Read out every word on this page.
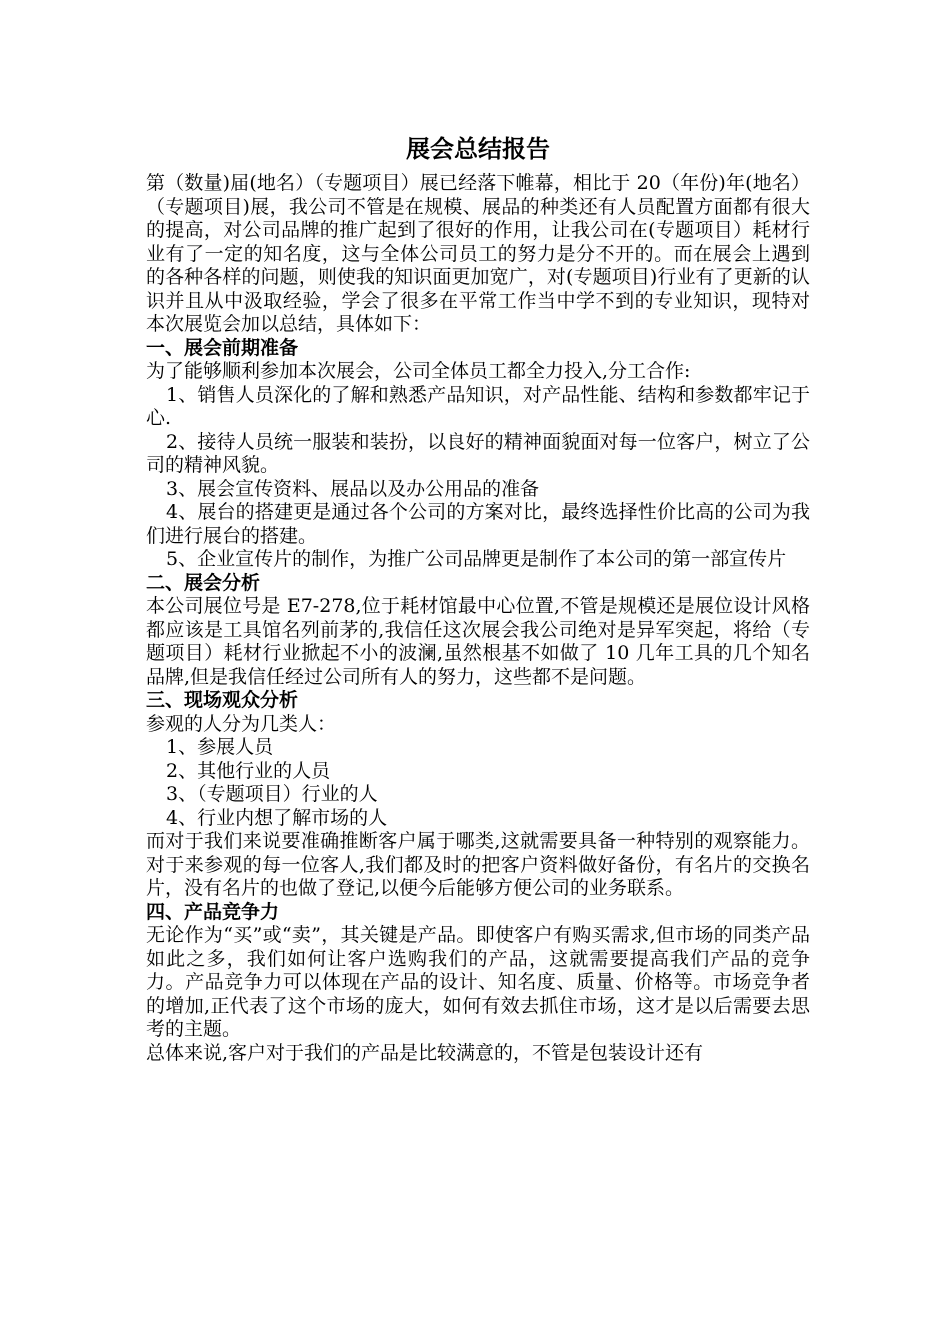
展会总结报告

第（数量)届(地名）（专题项目）展已经落下帷幕，相比于 20（年份)年(地名）（专题项目)展，我公司不管是在规模、展品的种类还有人员配置方面都有很大的提高，对公司品牌的推广起到了很好的作用，让我公司在(专题项目）耗材行业有了一定的知名度，这与全体公司员工的努力是分不开的。而在展会上遇到的各种各样的问题，则使我的知识面更加宽广，对(专题项目)行业有了更新的认识并且从中汲取经验，学会了很多在平常工作当中学不到的专业知识，现特对本次展览会加以总结，具体如下：

一、展会前期准备

为了能够顺利参加本次展会，公司全体员工都全力投入,分工合作:

1、销售人员深化的了解和熟悉产品知识，对产品性能、结构和参数都牢记于心.

2、接待人员统一服装和装扮，以良好的精神面貌面对每一位客户，树立了公司的精神风貌。

3、展会宣传资料、展品以及办公用品的准备

4、展台的搭建更是通过各个公司的方案对比，最终选择性价比高的公司为我们进行展台的搭建。

5、企业宣传片的制作，为推广公司品牌更是制作了本公司的第一部宣传片

二、展会分析

本公司展位号是 E7-278,位于耗材馆最中心位置,不管是规模还是展位设计风格都应该是工具馆名列前茅的,我信任这次展会我公司绝对是异军突起，将给（专题项目）耗材行业掀起不小的波澜,虽然根基不如做了 10 几年工具的几个知名品牌,但是我信任经过公司所有人的努力，这些都不是问题。

三、现场观众分析

参观的人分为几类人：

1、参展人员

2、其他行业的人员

3、（专题项目）行业的人

4、行业内想了解市场的人

而对于我们来说要准确推断客户属于哪类,这就需要具备一种特别的观察能力。对于来参观的每一位客人,我们都及时的把客户资料做好备份，有名片的交换名片，没有名片的也做了登记,以便今后能够方便公司的业务联系。

四、产品竞争力

无论作为“买”或“卖”，其关键是产品。即使客户有购买需求,但市场的同类产品如此之多，我们如何让客户选购我们的产品，这就需要提高我们产品的竞争力。产品竞争力可以体现在产品的设计、知名度、质量、价格等。市场竞争者的增加,正代表了这个市场的庞大，如何有效去抓住市场，这才是以后需要去思考的主题。

总体来说,客户对于我们的产品是比较满意的，不管是包装设计还有
